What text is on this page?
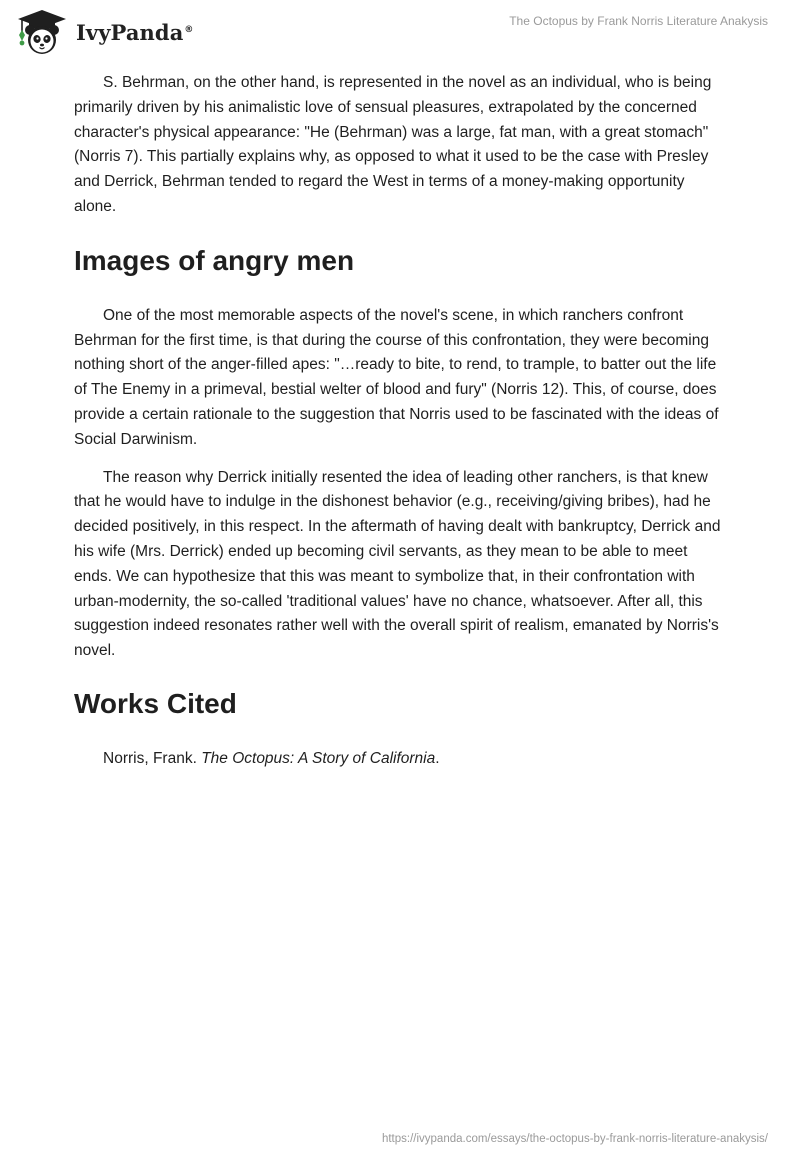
IvyPanda®
The Octopus by Frank Norris Literature Anakysis

S. Behrman, on the other hand, is represented in the novel as an individual, who is being primarily driven by his animalistic love of sensual pleasures, extrapolated by the concerned character's physical appearance: "He (Behrman) was a large, fat man, with a great stomach" (Norris 7). This partially explains why, as opposed to what it used to be the case with Presley and Derrick, Behrman tended to regard the West in terms of a money-making opportunity alone.

Images of angry men

One of the most memorable aspects of the novel's scene, in which ranchers confront Behrman for the first time, is that during the course of this confrontation, they were becoming nothing short of the anger-filled apes: "…ready to bite, to rend, to trample, to batter out the life of The Enemy in a primeval, bestial welter of blood and fury" (Norris 12). This, of course, does provide a certain rationale to the suggestion that Norris used to be fascinated with the ideas of Social Darwinism.

The reason why Derrick initially resented the idea of leading other ranchers, is that knew that he would have to indulge in the dishonest behavior (e.g., receiving/giving bribes), had he decided positively, in this respect. In the aftermath of having dealt with bankruptcy, Derrick and his wife (Mrs. Derrick) ended up becoming civil servants, as they mean to be able to meet ends. We can hypothesize that this was meant to symbolize that, in their confrontation with urban-modernity, the so-called 'traditional values' have no chance, whatsoever. After all, this suggestion indeed resonates rather well with the overall spirit of realism, emanated by Norris's novel.

Works Cited

Norris, Frank. The Octopus: A Story of California.

https://ivypanda.com/essays/the-octopus-by-frank-norris-literature-anakysis/
